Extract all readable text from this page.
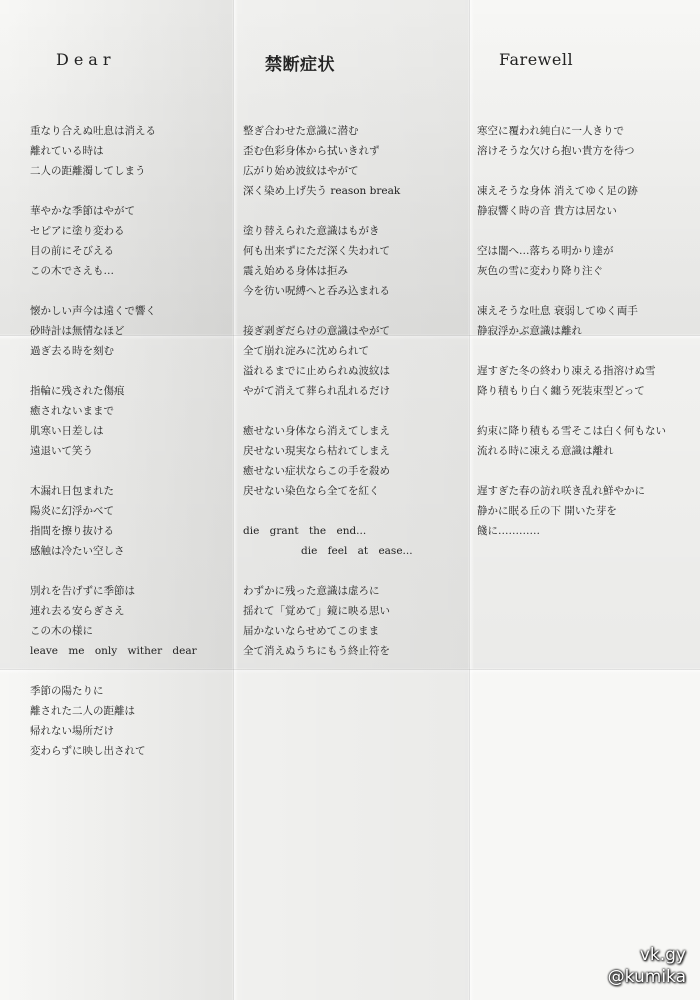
Dear
重なり合えぬ吐息は消える
離れている時は
二人の距離濁してしまう
華やかな季節はやがて
セピアに塗り変わる
目の前にそびえる
この木でさえも…
懐かしい声今は遠くで響く
砂時計は無情なほど
過ぎ去る時を刻む
指輪に残された傷痕
癒されないままで
肌寒い日差しは
遠退いて笑う
木漏れ日包まれた
陽炎に幻浮かべて
指間を擦り抜ける
感触は冷たい空しさ
別れを告げずに季節は
連れ去る安らぎさえ
この木の様に
leave me only wither dear
季節の陽たりに
離された二人の距離は
帰れない場所だけ
変わらずに映し出されて
禁断症状
整ぎ合わせた意識に潜む
歪む色彩身体から拭いきれず
広がり始め波紋はやがて
深く染め上げ失う reason break
塗り替えられた意識はもがき
何も出来ずにただ深く失われて
震え始める身体は拒み
今を彷い呪縛へと呑み込まれる
接ぎ剥ぎだらけの意識はやがて
全て崩れ淀みに沈められて
溢れるまでに止められぬ波紋は
やがて消えて葬られ乱れるだけ
癒せない身体なら消えてしまえ
戻せない現実なら枯れてしまえ
癒せない症状ならこの手を殺め
戻せない染色なら全てを紅く
die grant the end...
die feel at ease...
わずかに残った意識は虚ろに
揺れて「覚めて」鏡に映る思い
届かないならせめてこのまま
全て消えぬうちにもう終止符を
Farewell
寒空に覆われ純白に一人きりで
溶けそうな欠けら抱い貴方を待つ
凍えそうな身体 消えてゆく足の跡
静寂響く時の音 貴方は居ない
空は闇へ…落ちる明かり達が
灰色の雪に変わり降り注ぐ
凍えそうな吐息 衰弱してゆく両手
静寂浮かぶ意識は離れ
遅すぎた冬の終わり凍える指溶けぬ雪
降り積もり白く纏う死装束型どって
約束に降り積もる雪そこは白く何もない
流れる時に凍える意識は離れ
遅すぎた春の訪れ咲き乱れ鮮やかに
静かに眠る丘の下 開いた芽を
餞に…………
vk.gy
@kumika
